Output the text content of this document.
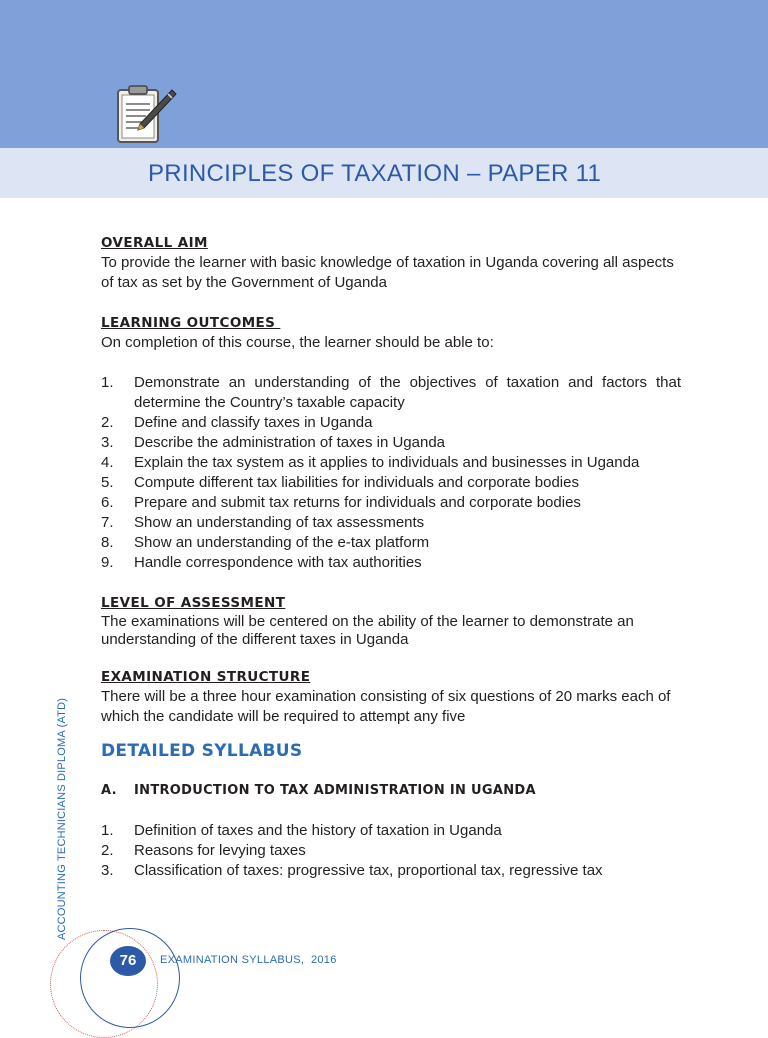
PRINCIPLES OF TAXATION – PAPER 11
OVERALL AIM

To provide the learner with basic knowledge of taxation in Uganda covering all aspects of tax as set by the Government of Uganda

LEARNING OUTCOMES

On completion of this course, the learner should be able to:

1. Demonstrate an understanding of the objectives of taxation and factors that determine the Country’s taxable capacity
2. Define and classify taxes in Uganda
3. Describe the administration of taxes in Uganda
4. Explain the tax system as it applies to individuals and businesses in Uganda
5. Compute different tax liabilities for individuals and corporate bodies
6. Prepare and submit tax returns for individuals and corporate bodies
7. Show an understanding of tax assessments
8. Show an understanding of the e-tax platform
9. Handle correspondence with tax authorities
LEVEL OF ASSESSMENT

The examinations will be centered on the ability of the learner to demonstrate an understanding of the different taxes in Uganda

EXAMINATION STRUCTURE

There will be a three hour examination consisting of six questions of 20 marks each of which the candidate will be required to attempt any five

DETAILED SYLLABUS
A. INTRODUCTION TO TAX ADMINISTRATION IN UGANDA
1. Definition of taxes and the history of taxation in Uganda
2. Reasons for levying taxes
3. Classification of taxes: progressive tax, proportional tax, regressive tax
ACCOUNTING TECHNICIANS DIPLOMA (ATD)
76	EXAMINATION SYLLABUS,  2016
